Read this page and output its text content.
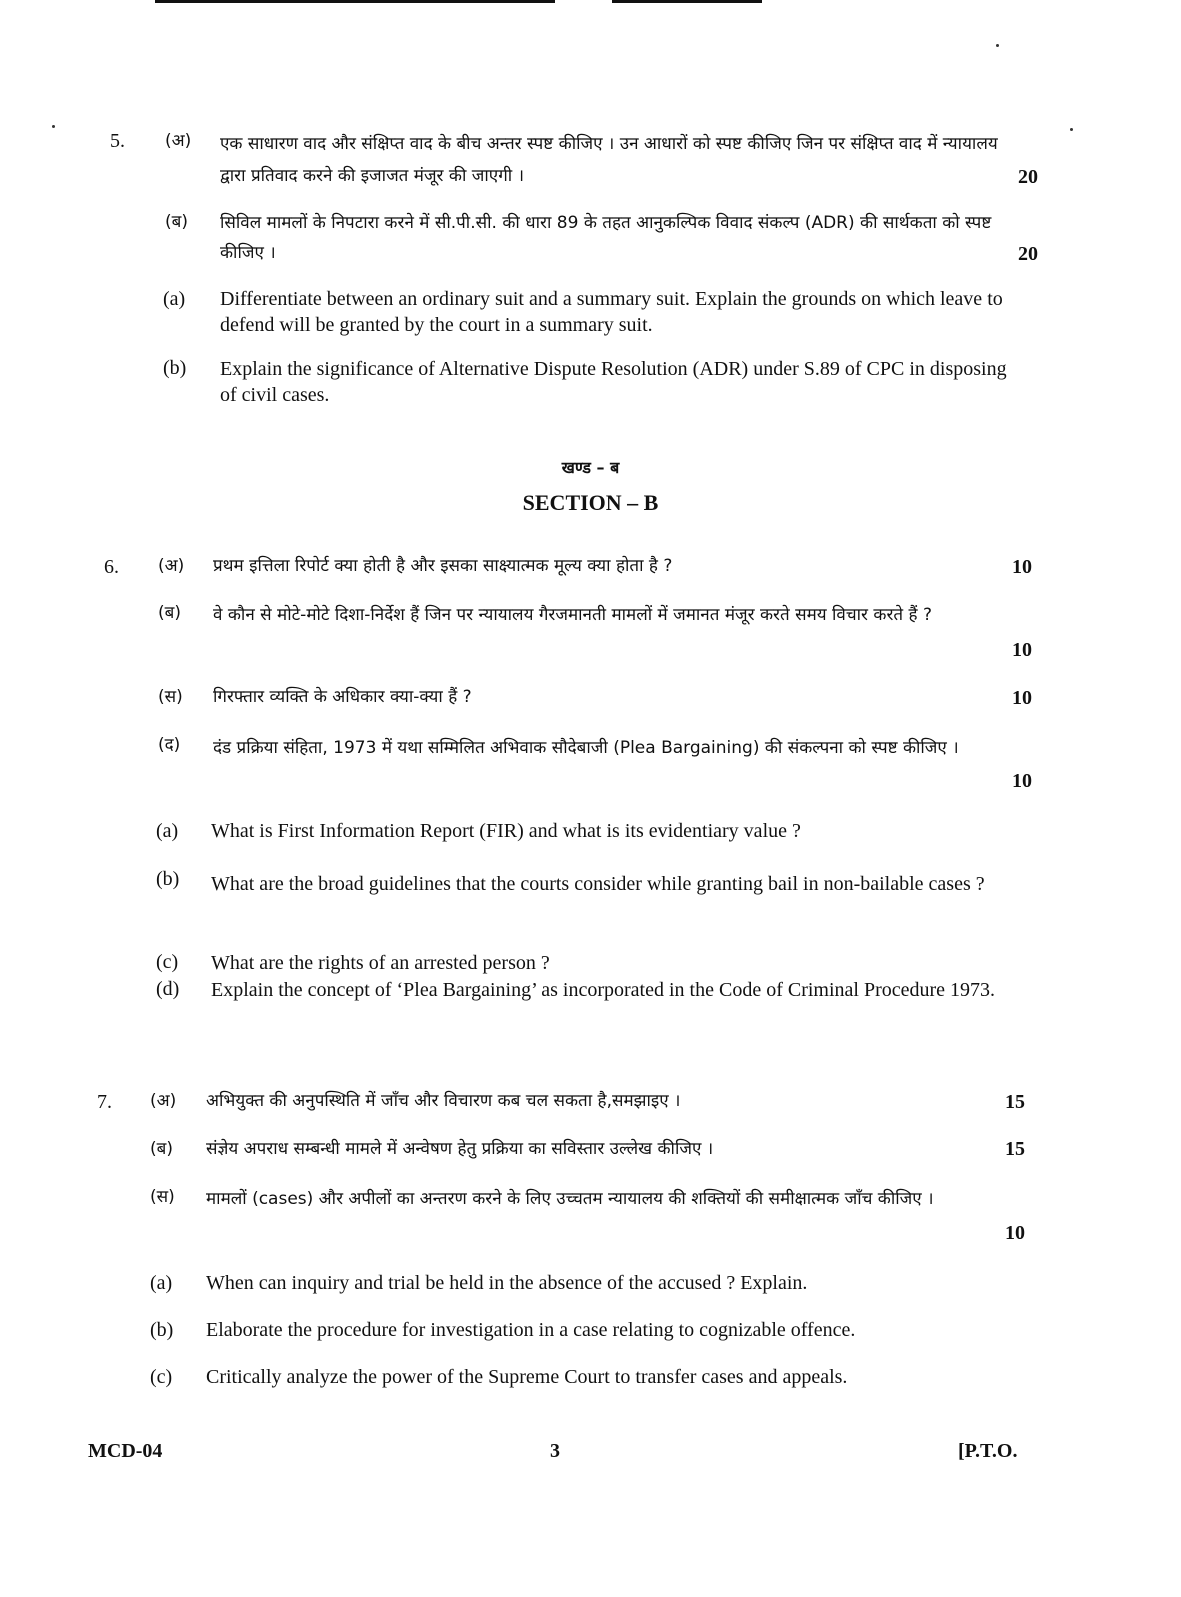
5. (अ) एक साधारण वाद और संक्षिप्त वाद के बीच अन्तर स्पष्ट कीजिए । उन आधारों को स्पष्ट कीजिए जिन पर संक्षिप्त वाद में न्यायालय द्वारा प्रतिवाद करने की इजाजत मंजूर की जाएगी ।	20
(ब) सिविल मामलों के निपटारा करने में सी.पी.सी. की धारा 89 के तहत आनुकल्पिक विवाद संकल्प (ADR) की सार्थकता को स्पष्ट कीजिए ।	20
(a) Differentiate between an ordinary suit and a summary suit. Explain the grounds on which leave to defend will be granted by the court in a summary suit.
(b) Explain the significance of Alternative Dispute Resolution (ADR) under S.89 of CPC in disposing of civil cases.
खण्ड – ब
SECTION – B
6. (अ) प्रथम इत्तिला रिपोर्ट क्या होती है और इसका साक्ष्यात्मक मूल्य क्या होता है ?	10
(ब) वे कौन से मोटे-मोटे दिशा-निर्देश हैं जिन पर न्यायालय गैरजमानती मामलों में जमानत मंजूर करते समय विचार करते हैं ?
10
(स) गिरफ्तार व्यक्ति के अधिकार क्या-क्या हैं ?	10
(द) दंड प्रक्रिया संहिता, 1973 में यथा सम्मिलित अभिवाक सौदेबाजी (Plea Bargaining) की संकल्पना को स्पष्ट कीजिए ।
10
(a) What is First Information Report (FIR) and what is its evidentiary value ?
(b) What are the broad guidelines that the courts consider while granting bail in non-bailable cases ?
(c) What are the rights of an arrested person ?
(d) Explain the concept of ‘Plea Bargaining’ as incorporated in the Code of Criminal Procedure 1973.
7. (अ) अभियुक्त की अनुपस्थिति में जाँच और विचारण कब चल सकता है,समझाइए ।	15
(ब) संज्ञेय अपराध सम्बन्धी मामले में अन्वेषण हेतु प्रक्रिया का सविस्तार उल्लेख कीजिए ।	15
(स) मामलों (cases) और अपीलों का अन्तरण करने के लिए उच्चतम न्यायालय की शक्तियों की समीक्षात्मक जाँच कीजिए ।
10
(a) When can inquiry and trial be held in the absence of the accused ? Explain.
(b) Elaborate the procedure for investigation in a case relating to cognizable offence.
(c) Critically analyze the power of the Supreme Court to transfer cases and appeals.
MCD-04	3	[P.T.O.
